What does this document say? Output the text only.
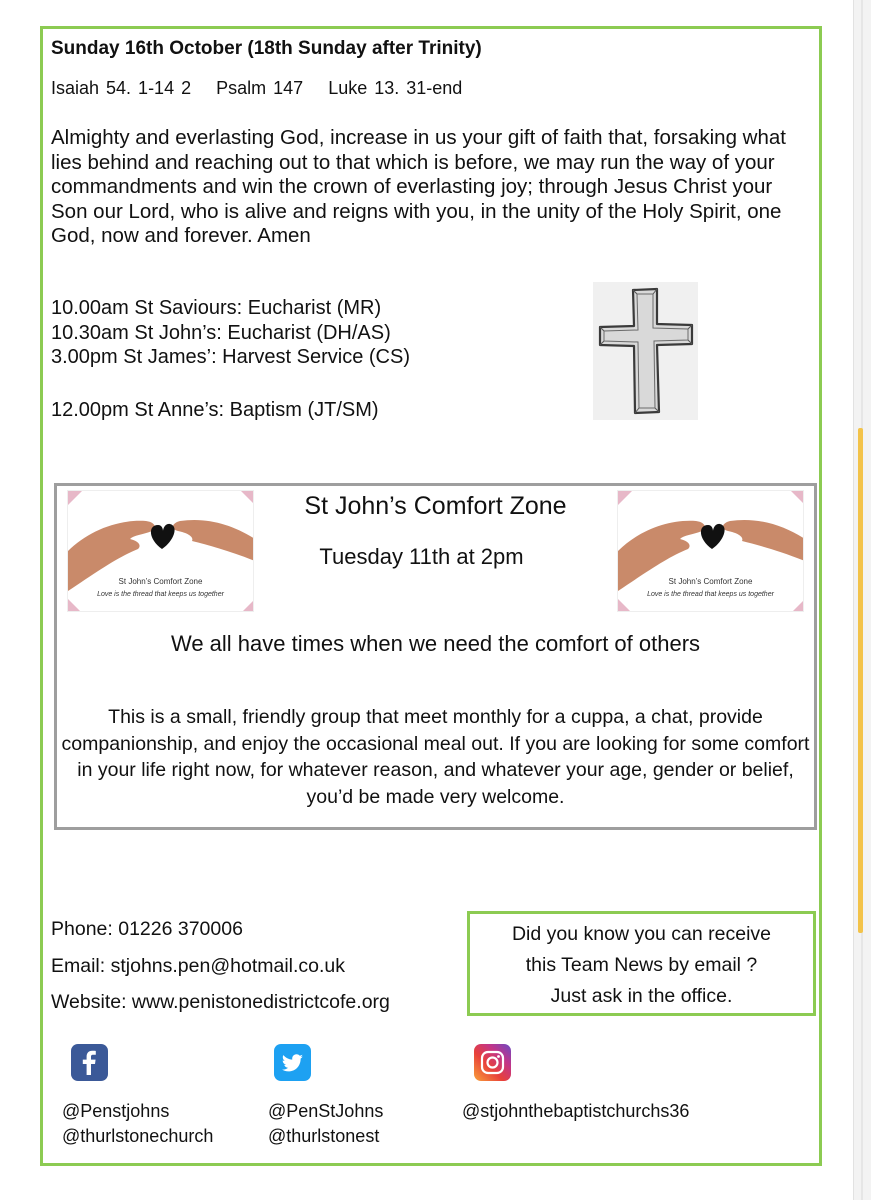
Sunday 16th October (18th Sunday after Trinity)
Isaiah 54. 1-14 2 Psalm 147 Luke 13. 31-end
Almighty and everlasting God, increase in us your gift of faith that, forsaking what lies behind and reaching out to that which is before, we may run the way of your commandments and win the crown of everlasting joy; through Jesus Christ your Son our Lord, who is alive and reigns with you, in the unity of the Holy Spirit, one God, now and forever. Amen
10.00am St Saviours: Eucharist (MR)
10.30am St John’s: Eucharist (DH/AS)
3.00pm St James’: Harvest Service (CS)
12.00pm St Anne’s: Baptism (JT/SM)
St John’s Comfort Zone
Love is the thread that keeps us together
St John’s Comfort Zone
Love is the thread that keeps us together
St John’s Comfort Zone
Tuesday 11th at 2pm
We all have times when we need the comfort of others
This is a small, friendly group that meet monthly for a cuppa, a chat, provide companionship, and enjoy the occasional meal out. If you are looking for some comfort in your life right now, for whatever reason, and whatever your age, gender or belief, you’d be made very welcome.
Phone: 01226 370006
Email: stjohns.pen@hotmail.co.uk
Website: www.penistonedistrictcofe.org
Did you know you can receive
this Team News by email ?
Just ask in the office.
@Penstjohns
@thurlstonechurch
@PenStJohns
@thurlstonest
@stjohnthebaptistchurchs36
